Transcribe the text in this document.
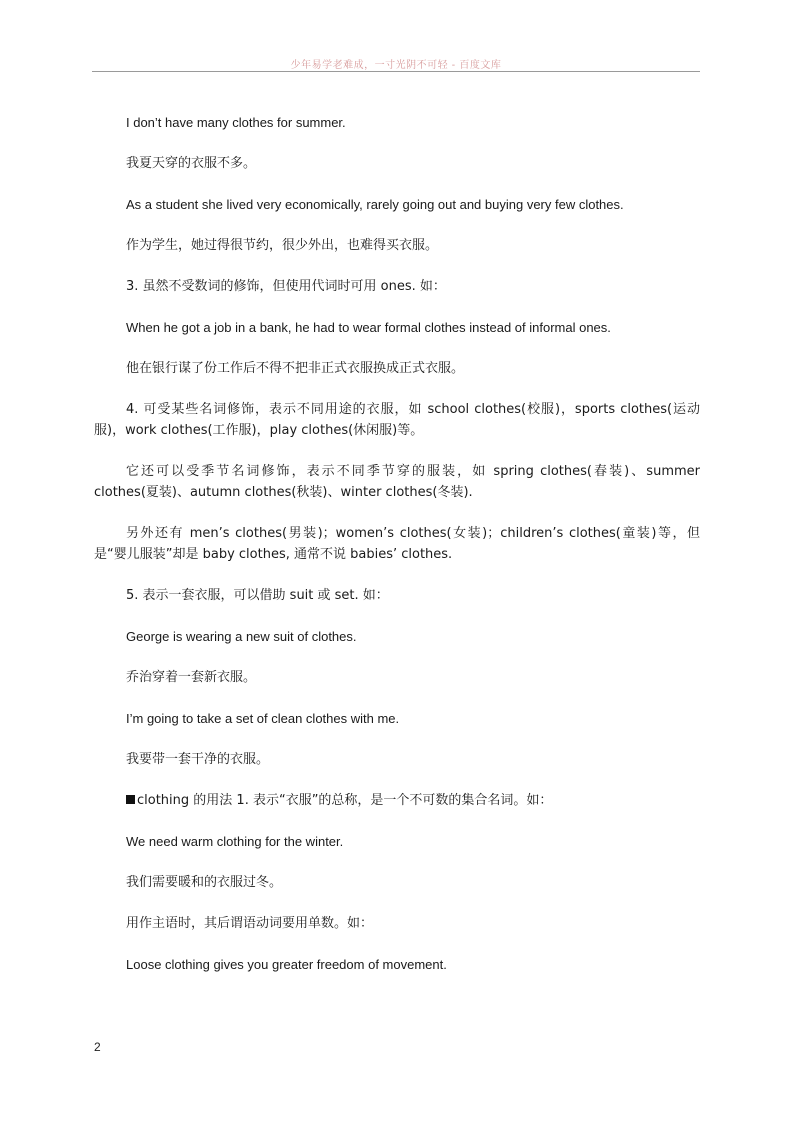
少年易学老难成，一寸光阴不可轻 - 百度文库

I don’t have many clothes for summer.

我夏天穿的衣服不多。

As a student she lived very economically, rarely going out and buying very few clothes.

作为学生，她过得很节约，很少外出，也难得买衣服。

3. 虽然不受数词的修饰，但使用代词时可用 ones. 如：

When he got a job in a bank, he had to wear formal clothes instead of informal ones.

他在银行谋了份工作后不得不把非正式衣服换成正式衣服。

4. 可受某些名词修饰，表示不同用途的衣服，如 school clothes(校服)，sports clothes(运动服)，work clothes(工作服)，play clothes(休闲服)等。

它还可以受季节名词修饰，表示不同季节穿的服装，如 spring clothes(春装)、summer clothes(夏装)、autumn clothes(秋装)、winter clothes(冬装).

另外还有 men’s clothes(男装)；women’s clothes(女装)；children’s clothes(童装)等，但是“婴儿服装”却是 baby clothes, 通常不说 babies’ clothes.

5. 表示一套衣服，可以借助 suit 或 set. 如：

George is wearing a new suit of clothes.

乔治穿着一套新衣服。

I’m going to take a set of clean clothes with me.

我要带一套干净的衣服。

clothing 的用法 1. 表示“衣服”的总称，是一个不可数的集合名词。如：

We need warm clothing for the winter.

我们需要暖和的衣服过冬。

用作主语时，其后谓语动词要用单数。如：

Loose clothing gives you greater freedom of movement.

2
